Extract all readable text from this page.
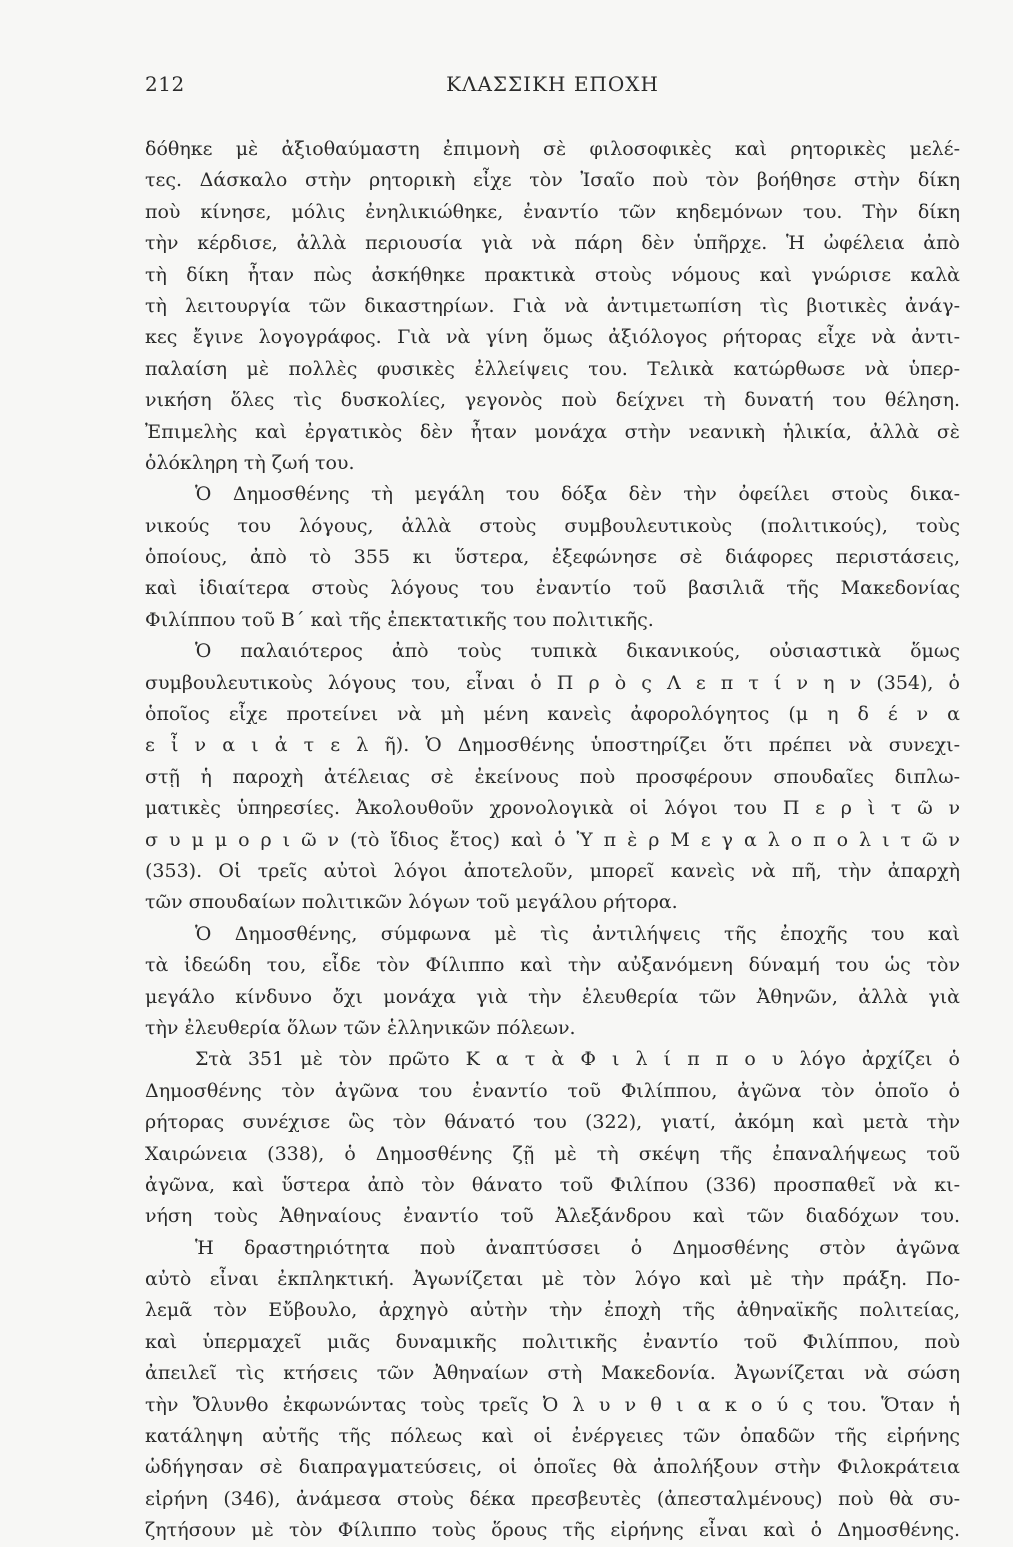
212	ΚΛΑΣΣΙΚΗ ΕΠΟΧΗ
δόθηκε μὲ ἀξιοθαύμαστη ἐπιμονὴ σὲ φιλοσοφικὲς καὶ ρητορικὲς μελέ-
τες. Δάσκαλο στὴν ρητορικὴ εἶχε τὸν Ἰσαῖο ποὺ τὸν βοήθησε στὴν δίκη
ποὺ κίνησε, μόλις ἐνηλικιώθηκε, ἐναντίο τῶν κηδεμόνων του. Τὴν δίκη
τὴν κέρδισε, ἀλλὰ περιουσία γιὰ νὰ πάρη δὲν ὑπῆρχε. Ἡ ὠφέλεια ἀπὸ
τὴ δίκη ἦταν πὼς ἀσκήθηκε πρακτικὰ στοὺς νόμους καὶ γνώρισε καλὰ
τὴ λειτουργία τῶν δικαστηρίων. Γιὰ νὰ ἀντιμετωπίση τὶς βιοτικὲς ἀνάγ-
κες ἔγινε λογογράφος. Γιὰ νὰ γίνη ὅμως ἀξιόλογος ρήτορας εἶχε νὰ ἀντι-
παλαίση μὲ πολλὲς φυσικὲς ἐλλείψεις του. Τελικὰ κατώρθωσε νὰ ὑπερ-
νικήση ὅλες τὶς δυσκολίες, γεγονὸς ποὺ δείχνει τὴ δυνατή του θέληση.
Ἐπιμελὴς καὶ ἐργατικὸς δὲν ἦταν μονάχα στὴν νεανικὴ ἡλικία, ἀλλὰ σὲ
ὁλόκληρη τὴ ζωή του.
Ὁ Δημοσθένης τὴ μεγάλη του δόξα δὲν τὴν ὀφείλει στοὺς δικα-
νικούς του λόγους, ἀλλὰ στοὺς συμβουλευτικοὺς (πολιτικούς), τοὺς
ὁποίους, ἀπὸ τὸ 355 κι ὕστερα, ἐξεφώνησε σὲ διάφορες περιστάσεις,
καὶ ἰδιαίτερα στοὺς λόγους του ἐναντίο τοῦ βασιλιᾶ τῆς Μακεδονίας
Φιλίππου τοῦ Β΄ καὶ τῆς ἐπεκτατικῆς του πολιτικῆς.
Ὁ παλαιότερος ἀπὸ τοὺς τυπικὰ δικανικούς, οὐσιαστικὰ ὅμως
συμβουλευτικοὺς λόγους του, εἶναι ὁ Π ρ ὸ ς Λ ε π τ ί ν η ν (354), ὁ
ὁποῖος εἶχε προτείνει νὰ μὴ μένη κανεὶς ἀφορολόγητος (μ η δ έ ν α
ε ἶ ν α ι ἀ τ ε λ ῆ). Ὁ Δημοσθένης ὑποστηρίζει ὅτι πρέπει νὰ συνεχι-
στῇ ἡ παροχὴ ἀτέλειας σὲ ἐκείνους ποὺ προσφέρουν σπουδαῖες διπλω-
ματικὲς ὑπηρεσίες. Ἀκολουθοῦν χρονολογικὰ οἱ λόγοι του Π ε ρ ὶ τ ῶ ν
σ υ μ μ ο ρ ι ῶ ν (τὸ ἴδιος ἔτος) καὶ ὁ Ὑ π ὲ ρ Μ ε γ α λ ο π ο λ ι τ ῶ ν
(353). Οἱ τρεῖς αὐτοὶ λόγοι ἀποτελοῦν, μπορεῖ κανεὶς νὰ πῆ, τὴν ἀπαρχὴ
τῶν σπουδαίων πολιτικῶν λόγων τοῦ μεγάλου ρήτορα.
Ὁ Δημοσθένης, σύμφωνα μὲ τὶς ἀντιλήψεις τῆς ἐποχῆς του καὶ
τὰ ἰδεώδη του, εἶδε τὸν Φίλιππο καὶ τὴν αὐξανόμενη δύναμή του ὡς τὸν
μεγάλο κίνδυνο ὄχι μονάχα γιὰ τὴν ἐλευθερία τῶν Ἀθηνῶν, ἀλλὰ γιὰ
τὴν ἐλευθερία ὅλων τῶν ἑλληνικῶν πόλεων.
Στὰ 351 μὲ τὸν πρῶτο Κ α τ ὰ Φ ι λ ί π π ο υ λόγο ἀρχίζει ὁ
Δημοσθένης τὸν ἀγῶνα του ἐναντίο τοῦ Φιλίππου, ἀγῶνα τὸν ὁποῖο ὁ
ρήτορας συνέχισε ὣς τὸν θάνατό του (322), γιατί, ἀκόμη καὶ μετὰ τὴν
Χαιρώνεια (338), ὁ Δημοσθένης ζῇ μὲ τὴ σκέψη τῆς ἐπαναλήψεως τοῦ
ἀγῶνα, καὶ ὕστερα ἀπὸ τὸν θάνατο τοῦ Φιλίπου (336) προσπαθεῖ νὰ κι-
νήση τοὺς Ἀθηναίους ἐναντίο τοῦ Ἀλεξάνδρου καὶ τῶν διαδόχων του.
Ἡ δραστηριότητα ποὺ ἀναπτύσσει ὁ Δημοσθένης στὸν ἀγῶνα
αὐτὸ εἶναι ἐκπληκτική. Ἀγωνίζεται μὲ τὸν λόγο καὶ μὲ τὴν πράξη. Πο-
λεμᾶ τὸν Εὔβουλο, ἀρχηγὸ αὐτὴν τὴν ἐποχὴ τῆς ἀθηναϊκῆς πολιτείας,
καὶ ὑπερμαχεῖ μιᾶς δυναμικῆς πολιτικῆς ἐναντίο τοῦ Φιλίππου, ποὺ
ἀπειλεῖ τὶς κτήσεις τῶν Ἀθηναίων στὴ Μακεδονία. Ἀγωνίζεται νὰ σώση
τὴν Ὄλυνθο ἐκφωνώντας τοὺς τρεῖς Ὀ λ υ ν θ ι α κ ο ύ ς του. Ὅταν ἡ
κατάληψη αὐτῆς τῆς πόλεως καὶ οἱ ἐνέργειες τῶν ὀπαδῶν τῆς εἰρήνης
ὡδήγησαν σὲ διαπραγματεύσεις, οἱ ὁποῖες θὰ ἀπολήξουν στὴν Φιλοκράτεια
εἰρήνη (346), ἀνάμεσα στοὺς δέκα πρεσβευτὲς (ἀπεσταλμένους) ποὺ θὰ συ-
ζητήσουν μὲ τὸν Φίλιππο τοὺς ὅρους τῆς εἰρήνης εἶναι καὶ ὁ Δημοσθένης.
